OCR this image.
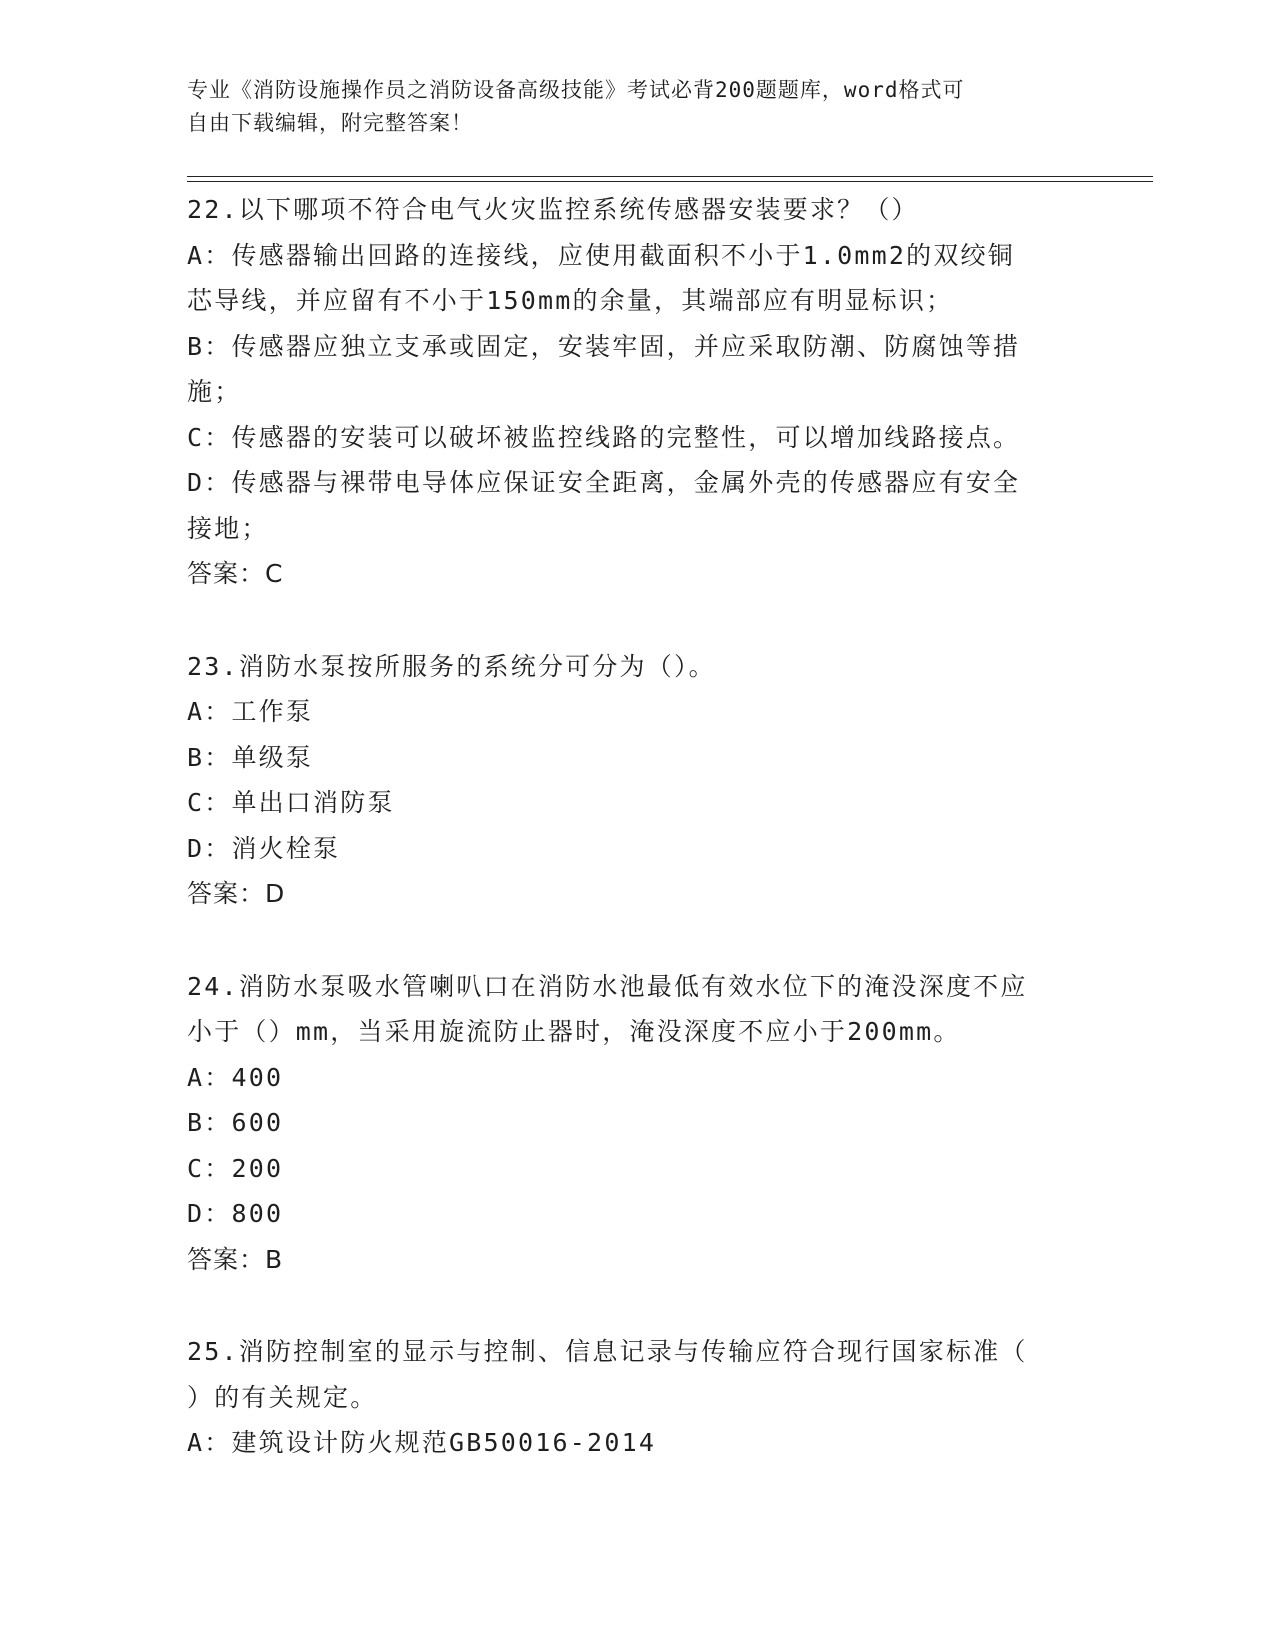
专业《消防设施操作员之消防设备高级技能》考试必背200题题库，word格式可
自由下载编辑，附完整答案！

22.以下哪项不符合电气火灾监控系统传感器安装要求？（）

A：传感器输出回路的连接线，应使用截面积不小于1.0mm2的双绞铜

芯导线，并应留有不小于150mm的余量，其端部应有明显标识；

B：传感器应独立支承或固定，安装牢固，并应采取防潮、防腐蚀等措

施；

C：传感器的安装可以破坏被监控线路的完整性，可以增加线路接点。

D：传感器与裸带电导体应保证安全距离，金属外壳的传感器应有安全

接地；

答案：C

23.消防水泵按所服务的系统分可分为（）。

A：工作泵

B：单级泵

C：单出口消防泵

D：消火栓泵

答案：D

24.消防水泵吸水管喇叭口在消防水池最低有效水位下的淹没深度不应

小于（）mm，当采用旋流防止器时，淹没深度不应小于200mm。

A：400

B：600

C：200

D：800

答案：B

25.消防控制室的显示与控制、信息记录与传输应符合现行国家标准（

）的有关规定。

A：建筑设计防火规范GB50016-2014
